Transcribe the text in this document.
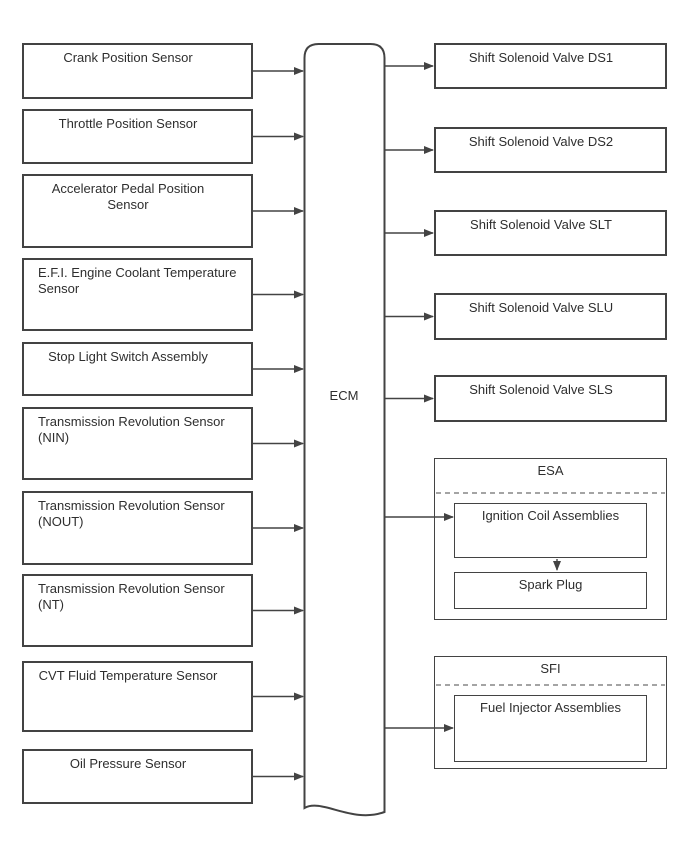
Crank Position Sensor
Throttle Position Sensor
Accelerator Pedal Position Sensor
E.F.I. Engine Coolant Temperature Sensor
Stop Light Switch Assembly
Transmission Revolution Sensor (NIN)
Transmission Revolution Sensor (NOUT)
Transmission Revolution Sensor (NT)
CVT Fluid Temperature Sensor
Oil Pressure Sensor
ECM
Shift Solenoid Valve DS1
Shift Solenoid Valve DS2
Shift Solenoid Valve SLT
Shift Solenoid Valve SLU
Shift Solenoid Valve SLS
ESA
Ignition Coil Assemblies
Spark Plug
SFI
Fuel Injector Assemblies
